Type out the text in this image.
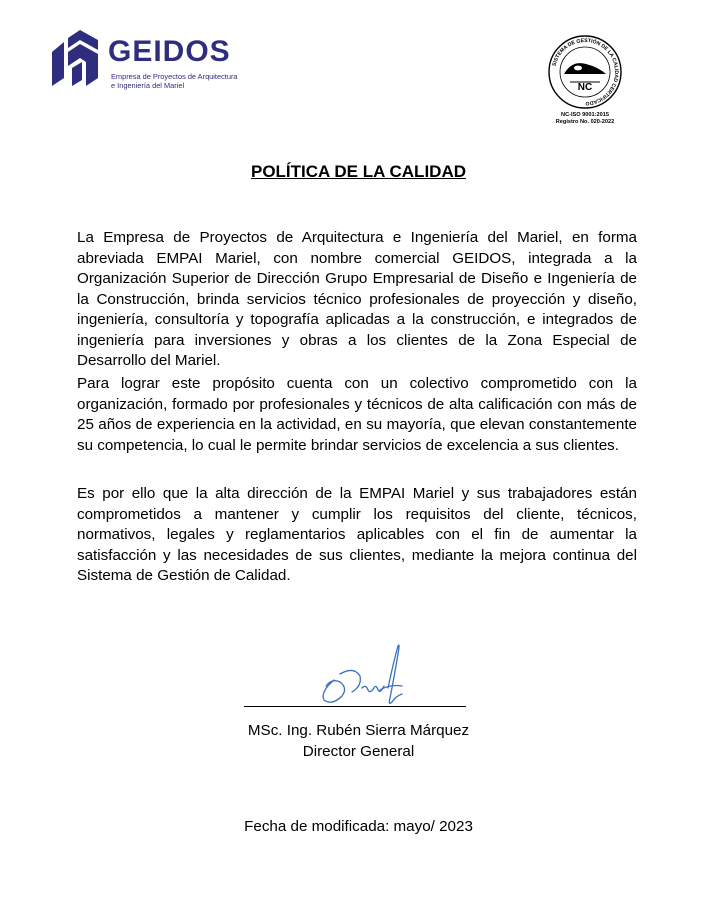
GEIDOS
Empresa de Proyectos de Arquitectura
e Ingeniería del Mariel
SISTEMA DE GESTIÓN DE LA CALIDAD CERTIFICADO
NC
NC-ISO 9001:2015
Registro No. 020-2022
POLÍTICA DE LA CALIDAD

La Empresa de Proyectos de Arquitectura e Ingeniería del Mariel, en forma abreviada EMPAI Mariel, con nombre comercial GEIDOS, integrada a la Organización Superior de Dirección Grupo Empresarial de Diseño e Ingeniería de la Construcción, brinda servicios técnico profesionales de proyección y diseño, ingeniería, consultoría y topografía aplicadas a la construcción, e integrados de ingeniería para inversiones y obras a los clientes de la Zona Especial de Desarrollo del Mariel.

Para lograr este propósito cuenta con un colectivo comprometido con la organización, formado por profesionales y técnicos de alta calificación con más de 25 años de experiencia en la actividad, en su mayoría, que elevan constantemente su competencia, lo cual le permite brindar servicios de excelencia a sus clientes.

Es por ello que la alta dirección de la EMPAI Mariel y sus trabajadores están comprometidos a mantener y cumplir los requisitos del cliente, técnicos, normativos, legales y reglamentarios aplicables con el fin de aumentar la satisfacción y las necesidades de sus clientes, mediante la mejora continua del Sistema de Gestión de Calidad.

MSc. Ing. Rubén Sierra Márquez
Director General
Fecha de modificada: mayo/ 2023
